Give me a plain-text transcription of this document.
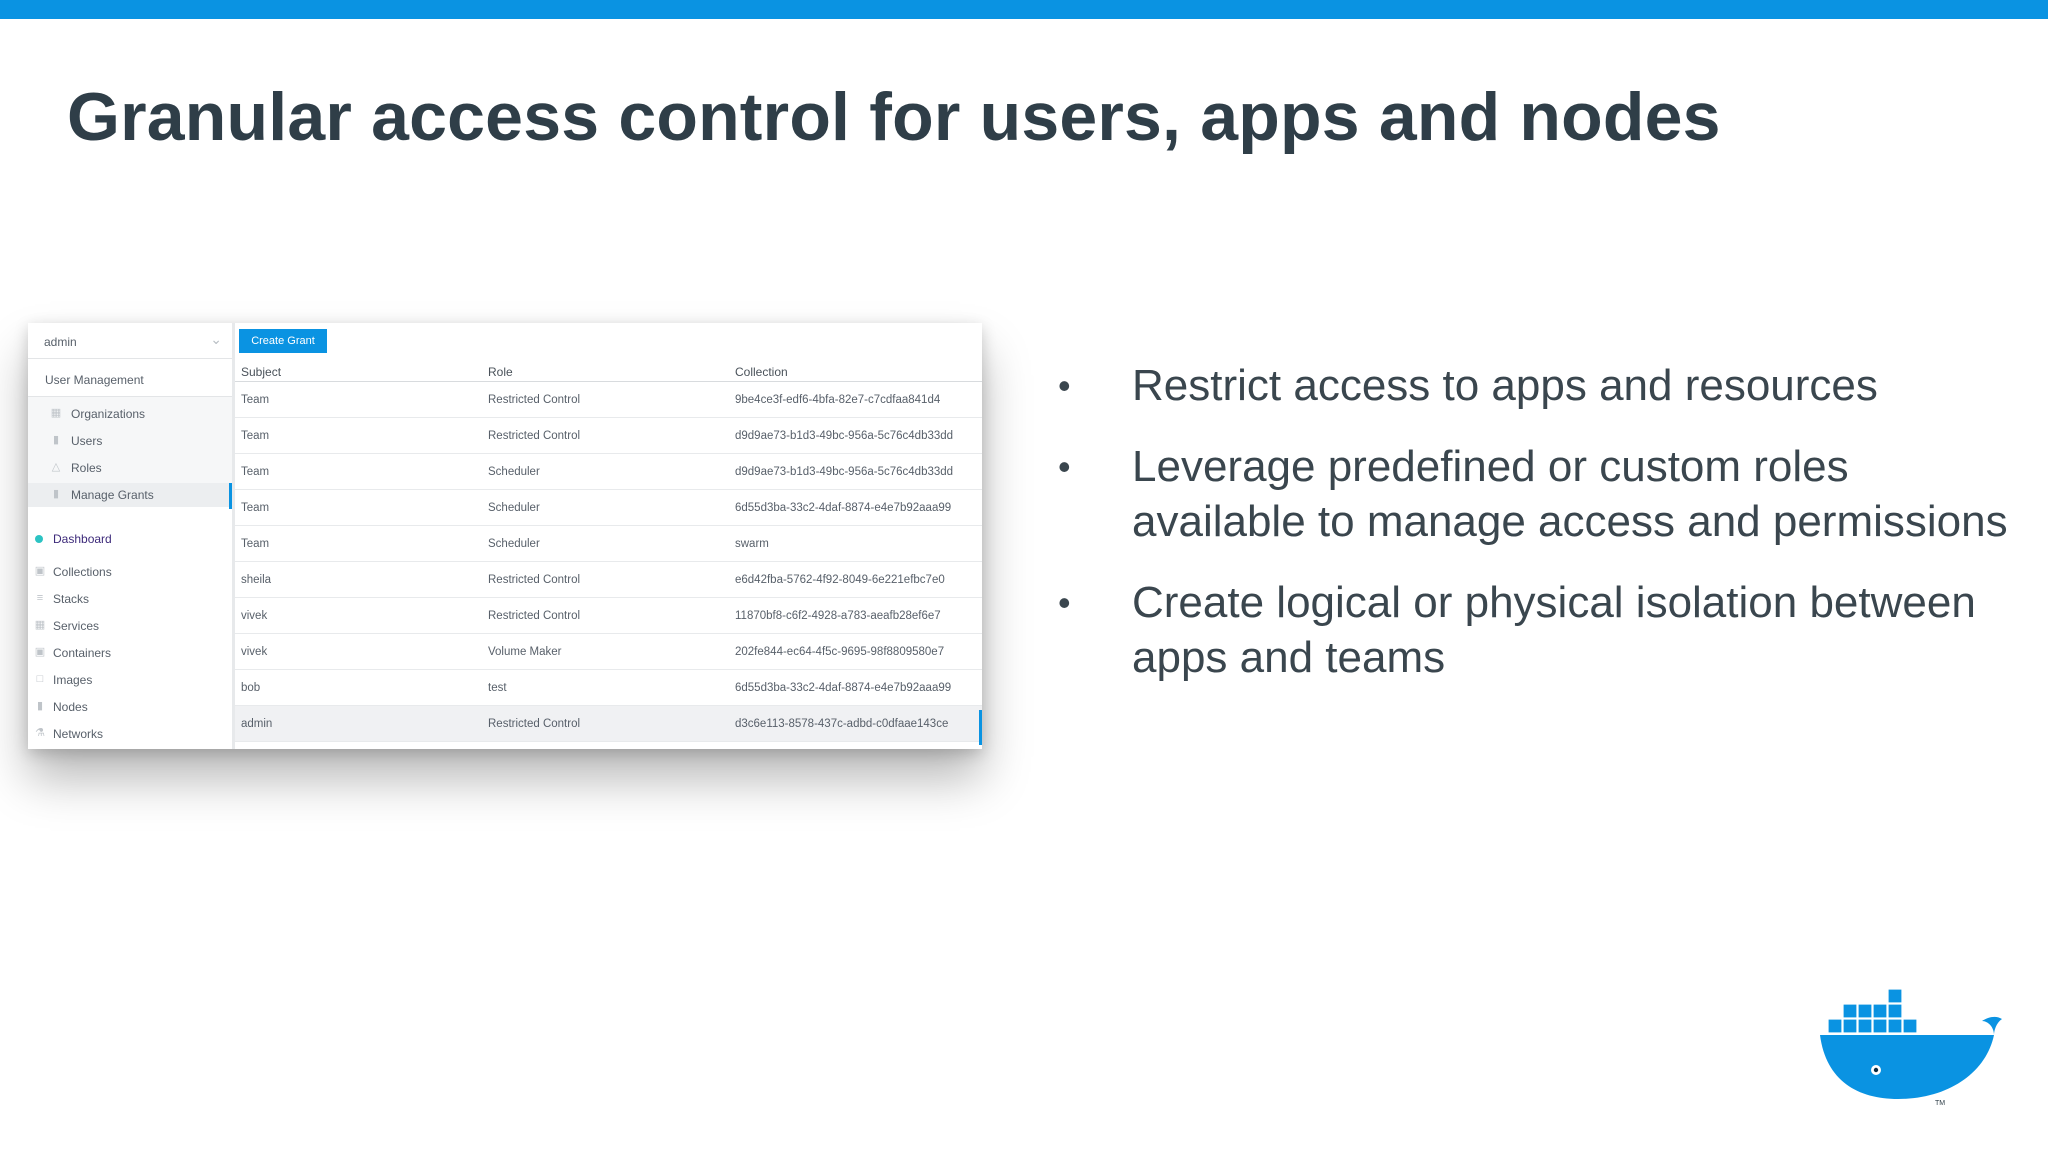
Granular access control for users, apps and nodes
admin	⌄
User Management
▦ Organizations
▮ Users
△ Roles
▮ Manage Grants
Dashboard
▣ Collections
≡ Stacks
▦ Services
▣ Containers
□ Images
▮ Nodes
⚗ Networks
Create Grant
Subject	Role	Collection
Team	Restricted Control	9be4ce3f-edf6-4bfa-82e7-c7cdfaa841d4
Team	Restricted Control	d9d9ae73-b1d3-49bc-956a-5c76c4db33dd
Team	Scheduler	d9d9ae73-b1d3-49bc-956a-5c76c4db33dd
Team	Scheduler	6d55d3ba-33c2-4daf-8874-e4e7b92aaa99
Team	Scheduler	swarm
sheila	Restricted Control	e6d42fba-5762-4f92-8049-6e221efbc7e0
vivek	Restricted Control	11870bf8-c6f2-4928-a783-aeafb28ef6e7
vivek	Volume Maker	202fe844-ec64-4f5c-9695-98f8809580e7
bob	test	6d55d3ba-33c2-4daf-8874-e4e7b92aaa99
admin	Restricted Control	d3c6e113-8578-437c-adbd-c0dfaae143ce
• Restrict access to apps and resources
• Leverage predefined or custom roles available to manage access and permissions
• Create logical or physical isolation between apps and teams
TM
